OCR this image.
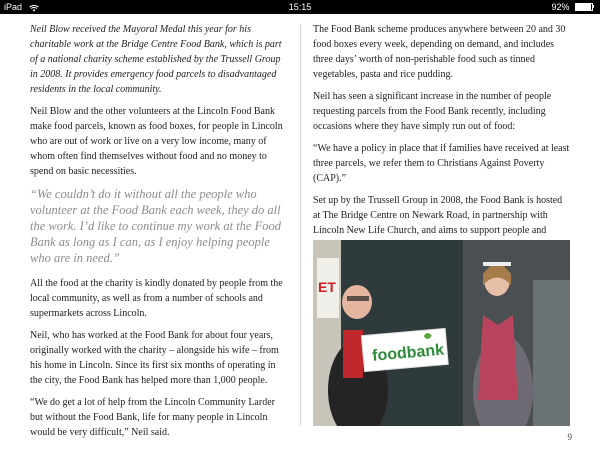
iPad	15:15	92%

Neil Blow received the Mayoral Medal this year for his charitable work at the Bridge Centre Food Bank, which is part of a national charity scheme established by the Trussell Group in 2008. It provides emergency food parcels to disadvantaged residents in the local community.

Neil Blow and the other volunteers at the Lincoln Food Bank make food parcels, known as food boxes, for people in Lincoln who are out of work or live on a very low income, many of whom often find themselves without food and no money to spend on basic necessities.

“We couldn’t do it without all the people who volunteer at the Food Bank each week, they do all the work. I’d like to continue my work at the Food Bank as long as I can, as I enjoy helping people who are in need.”

All the food at the charity is kindly donated by people from the local community, as well as from a number of schools and supermarkets across Lincoln.

Neil, who has worked at the Food Bank for about four years, originally worked with the charity – alongside his wife – from his home in Lincoln. Since its first six months of operating in the city, the Food Bank has helped more than 1,000 people.

“We do get a lot of help from the Lincoln Community Larder but without the Food Bank, life for many people in Lincoln would be very difficult,” Neil said.

The Food Bank scheme produces anywhere between 20 and 30 food boxes every week, depending on demand, and includes three days’ worth of non-perishable food such as tinned vegetables, pasta and rice pudding.

Neil has seen a significant increase in the number of people requesting parcels from the Food Bank recently, including occasions where they have simply run out of food:

“We have a policy in place that if families have received at least three parcels, we refer them to Christians Against Poverty (CAP).”

Set up by the Trussell Group in 2008, the Food Bank is hosted at The Bridge Centre on Newark Road, in partnership with Lincoln New Life Church, and aims to support people and

ET
foodbank
9
